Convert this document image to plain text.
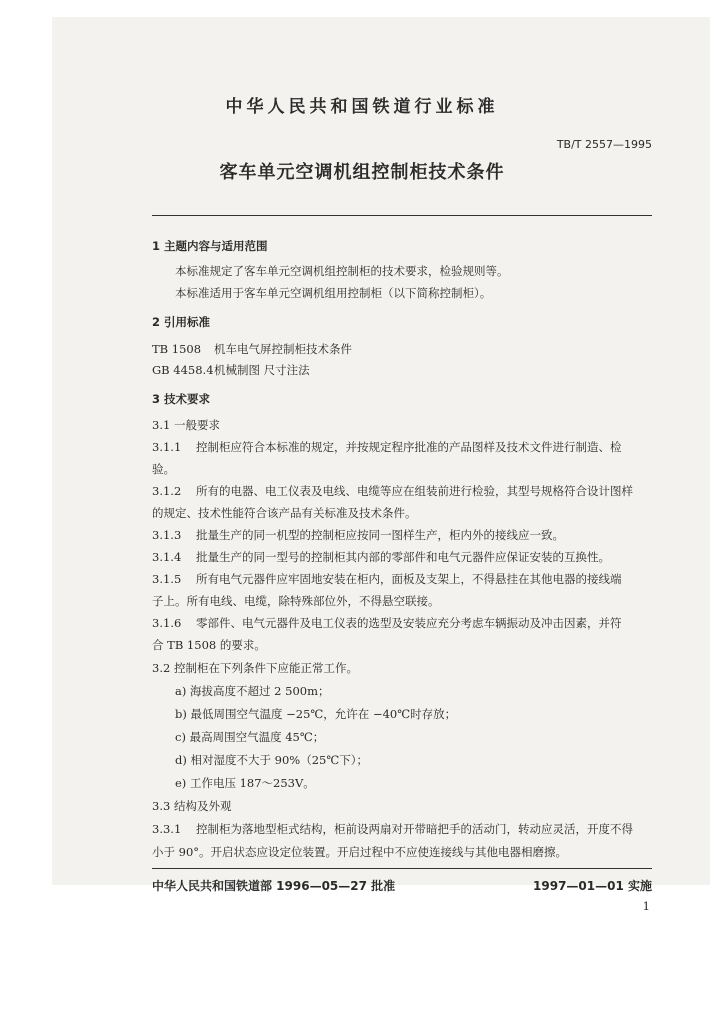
中华人民共和国铁道行业标准
TB/T 2557—1995
客车单元空调机组控制柜技术条件
1 主题内容与适用范围
本标准规定了客车单元空调机组控制柜的技术要求，检验规则等。
本标准适用于客车单元空调机组用控制柜（以下简称控制柜）。
2 引用标准
TB 1508 机车电气屏控制柜技术条件
GB 4458.4机械制图 尺寸注法
3 技术要求
3.1 一般要求
3.1.1 控制柜应符合本标准的规定，并按规定程序批准的产品图样及技术文件进行制造、检
验。
3.1.2 所有的电器、电工仪表及电线、电缆等应在组装前进行检验，其型号规格符合设计图样
的规定、技术性能符合该产品有关标准及技术条件。
3.1.3 批量生产的同一机型的控制柜应按同一图样生产，柜内外的接线应一致。
3.1.4 批量生产的同一型号的控制柜其内部的零部件和电气元器件应保证安装的互换性。
3.1.5 所有电气元器件应牢固地安装在柜内，面板及支架上，不得悬挂在其他电器的接线端
子上。所有电线、电缆，除特殊部位外，不得悬空联接。
3.1.6 零部件、电气元器件及电工仪表的选型及安装应充分考虑车辆振动及冲击因素，并符
合 TB 1508 的要求。
3.2 控制柜在下列条件下应能正常工作。
a) 海拔高度不超过 2 500m；
b) 最低周围空气温度 −25℃，允许在 −40℃时存放；
c) 最高周围空气温度 45℃；
d) 相对湿度不大于 90%（25℃下）；
e) 工作电压 187～253V。
3.3 结构及外观
3.3.1 控制柜为落地型柜式结构，柜前设两扇对开带暗把手的活动门，转动应灵活，开度不得
小于 90°。开启状态应设定位装置。开启过程中不应使连接线与其他电器相磨擦。
中华人民共和国铁道部 1996—05—27 批准	1997—01—01 实施
1
